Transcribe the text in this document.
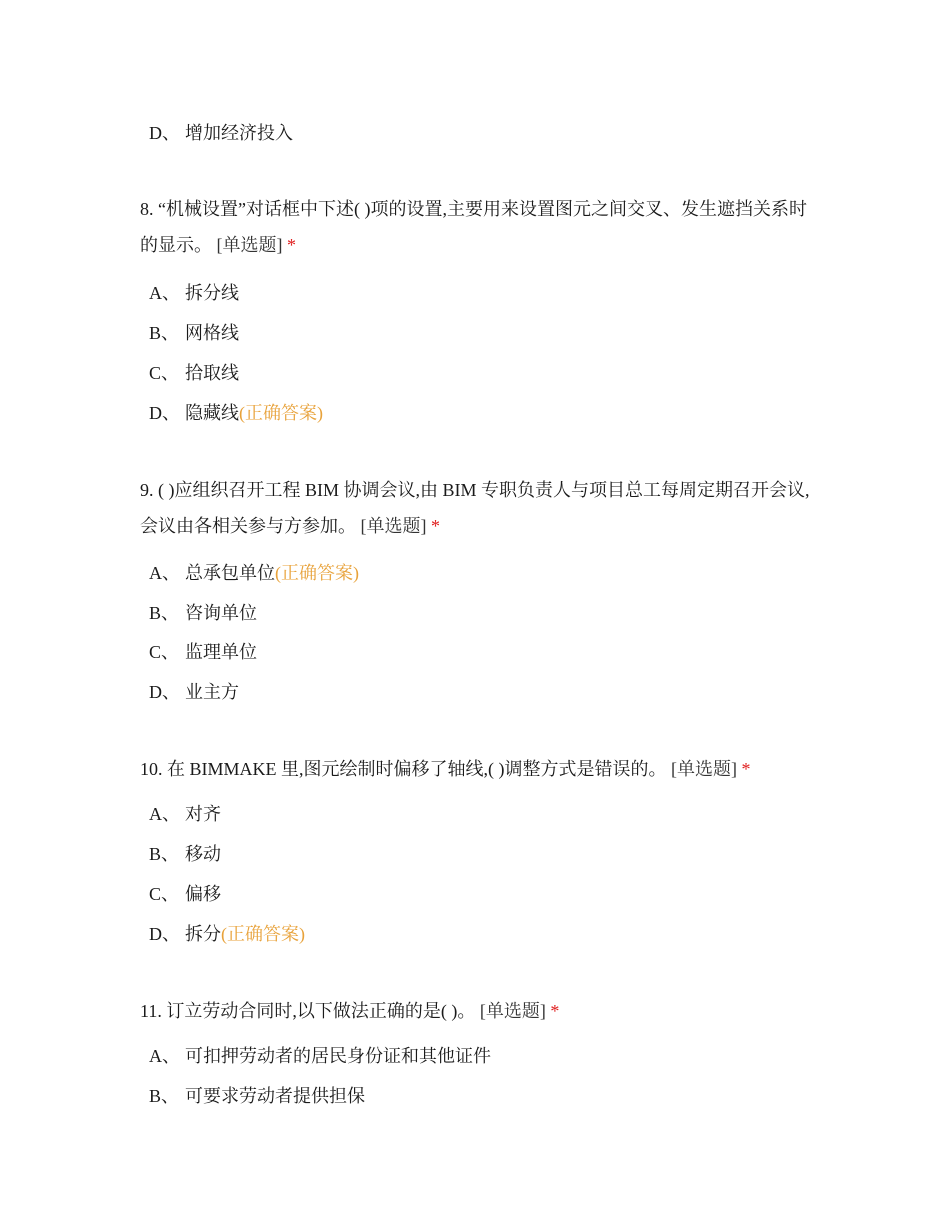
D、 增加经济投入
8. “机械设置”对话框中下述( )项的设置,主要用来设置图元之间交叉、发生遮挡关系时的显示。 [单选题] *
A、 拆分线
B、 网格线
C、 拾取线
D、 隐藏线(正确答案)
9. ( )应组织召开工程 BIM 协调会议,由 BIM 专职负责人与项目总工每周定期召开会议,会议由各相关参与方参加。 [单选题] *
A、 总承包单位(正确答案)
B、 咨询单位
C、 监理单位
D、 业主方
10. 在 BIMMAKE 里,图元绘制时偏移了轴线,( )调整方式是错误的。 [单选题] *
A、 对齐
B、 移动
C、 偏移
D、 拆分(正确答案)
11. 订立劳动合同时,以下做法正确的是( )。 [单选题] *
A、 可扣押劳动者的居民身份证和其他证件
B、 可要求劳动者提供担保
